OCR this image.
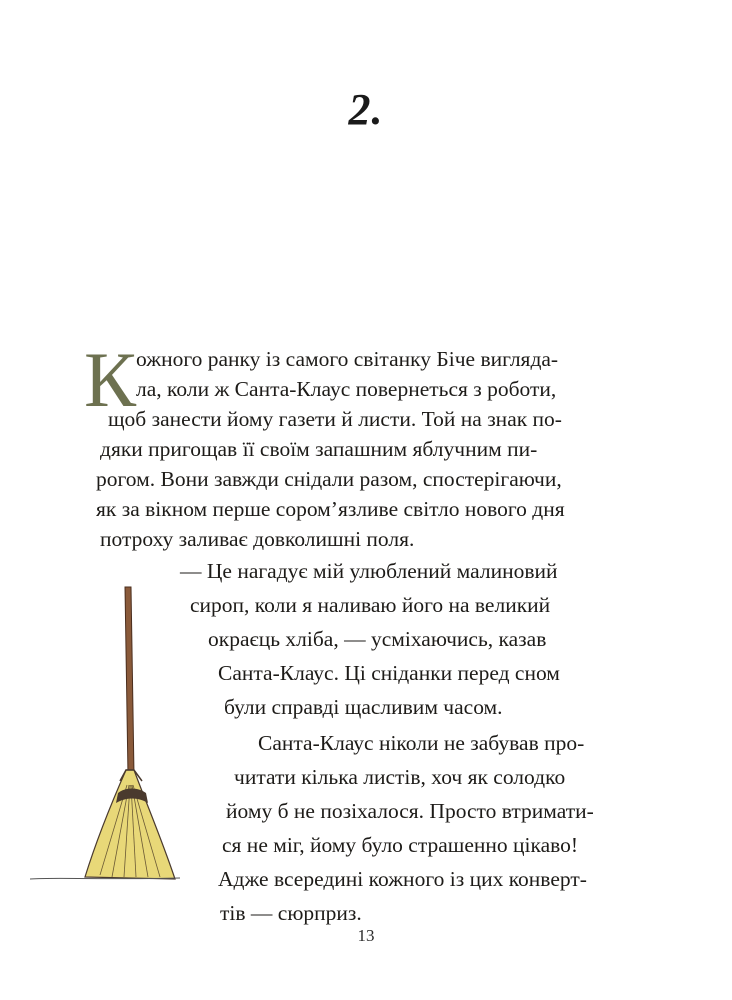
2.
К ожного ранку із самого світанку Біче вигляда-
ла, коли ж Санта-Клаус повернеться з роботи,
щоб занести йому газети й листи. Той на знак по-
дяки пригощав її своїм запашним яблучним пи-
рогом. Вони завжди снідали разом, спостерігаючи,
як за вікном перше сором’язливе світло нового дня
потроху заливає довколишні поля.
— Це нагадує мій улюблений малиновий
сироп, коли я наливаю його на великий
окраєць хліба, — усміхаючись, казав
Санта-Клаус. Ці сніданки перед сном
були справді щасливим часом.
Санта-Клаус ніколи не забував про-
читати кілька листів, хоч як солодко
йому б не позіхалося. Просто втримати-
ся не міг, йому було страшенно цікаво!
Адже всередині кожного із цих конверт-
тів — сюрприз.
13
